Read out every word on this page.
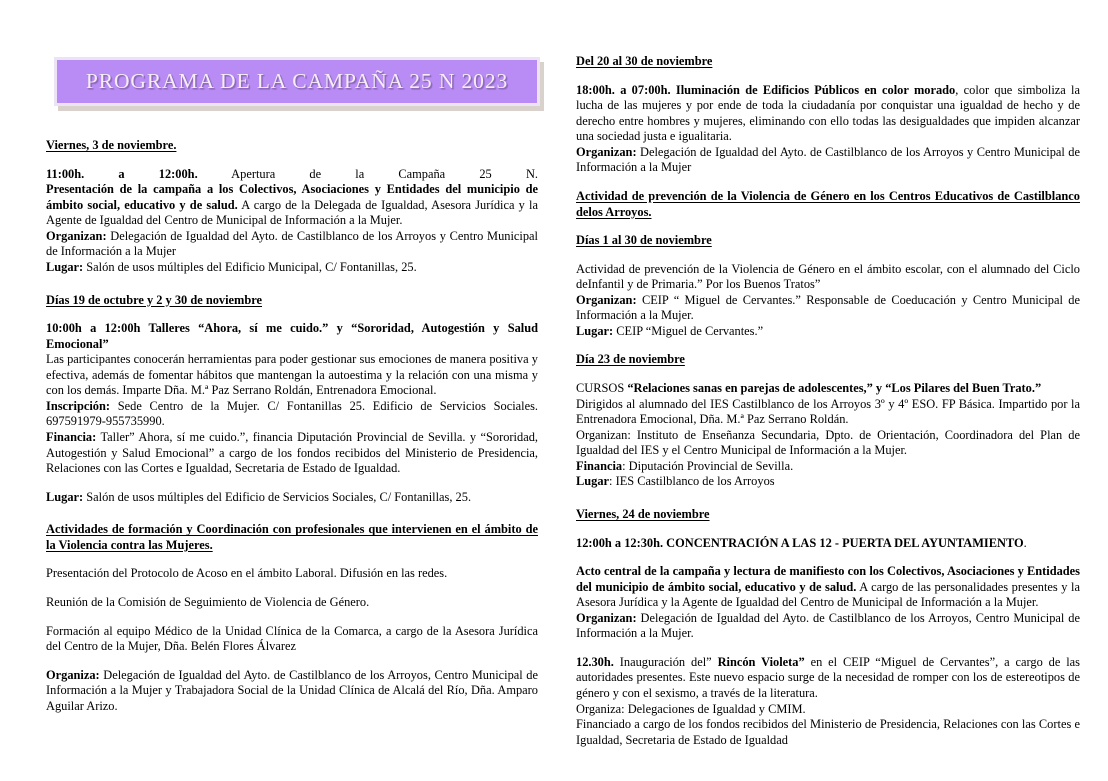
PROGRAMA DE LA CAMPAÑA 25 N 2023

Viernes, 3 de noviembre.

11:00h. a 12:00h. Apertura de la Campaña 25 N.

Presentación de la campaña a los Colectivos, Asociaciones y Entidades del municipio de ámbito social, educativo y de salud. A cargo de la Delegada de Igualdad, Asesora Jurídica y la Agente de Igualdad del Centro de Municipal de Información a la Mujer.

Organizan: Delegación de Igualdad del Ayto. de Castilblanco de los Arroyos y Centro Municipal de Información a la Mujer

Lugar: Salón de usos múltiples del Edificio Municipal, C/ Fontanillas, 25.

Días 19 de octubre y 2 y 30 de noviembre

10:00h a 12:00h Talleres “Ahora, sí me cuido.” y “Sororidad, Autogestión y Salud Emocional”

Las participantes conocerán herramientas para poder gestionar sus emociones de manera positiva y efectiva, además de fomentar hábitos que mantengan la autoestima y la relación con una misma y con los demás. Imparte Dña. M.ª Paz Serrano Roldán, Entrenadora Emocional.

Inscripción: Sede Centro de la Mujer. C/ Fontanillas 25. Edificio de Servicios Sociales. 697591979-955735990.

Financia: Taller” Ahora, sí me cuido.”, financia Diputación Provincial de Sevilla. y “Sororidad, Autogestión y Salud Emocional” a cargo de los fondos recibidos del Ministerio de Presidencia, Relaciones con las Cortes e Igualdad, Secretaria de Estado de Igualdad.

Lugar: Salón de usos múltiples del Edificio de Servicios Sociales, C/ Fontanillas, 25.

Actividades de formación y Coordinación con profesionales que intervienen en el ámbito de la Violencia contra las Mujeres.

Presentación del Protocolo de Acoso en el ámbito Laboral. Difusión en las redes.

Reunión de la Comisión de Seguimiento de Violencia de Género.

Formación al equipo Médico de la Unidad Clínica de la Comarca, a cargo de la Asesora Jurídica del Centro de la Mujer, Dña. Belén Flores Álvarez

Organiza: Delegación de Igualdad del Ayto. de Castilblanco de los Arroyos, Centro Municipal de Información a la Mujer y Trabajadora Social de la Unidad Clínica de Alcalá del Río, Dña. Amparo Aguilar Arizo.

Del 20 al 30 de noviembre

18:00h. a 07:00h. Iluminación de Edificios Públicos en color morado, color que simboliza la lucha de las mujeres y por ende de toda la ciudadanía por conquistar una igualdad de hecho y de derecho entre hombres y mujeres, eliminando con ello todas las desigualdades que impiden alcanzar una sociedad justa e igualitaria.

Organizan: Delegación de Igualdad del Ayto. de Castilblanco de los Arroyos y Centro Municipal de Información a la Mujer

Actividad de prevención de la Violencia de Género en los Centros Educativos de Castilblanco delos Arroyos.

Días 1 al 30 de noviembre

Actividad de prevención de la Violencia de Género en el ámbito escolar, con el alumnado del Ciclo deInfantil y de Primaria.” Por los Buenos Tratos”

Organizan: CEIP “ Miguel de Cervantes.” Responsable de Coeducación y Centro Municipal de Información a la Mujer.

Lugar: CEIP “Miguel de Cervantes.”

Día 23 de noviembre

CURSOS “Relaciones sanas en parejas de adolescentes,” y “Los Pilares del Buen Trato.”

Dirigidos al alumnado del IES Castilblanco de los Arroyos 3º y 4º ESO. FP Básica. Impartido por la Entrenadora Emocional, Dña. M.ª Paz Serrano Roldán.

Organizan: Instituto de Enseñanza Secundaria, Dpto. de Orientación, Coordinadora del Plan de Igualdad del IES y el Centro Municipal de Información a la Mujer.

Financia: Diputación Provincial de Sevilla.

Lugar: IES Castilblanco de los Arroyos

Viernes, 24 de noviembre

12:00h a 12:30h. CONCENTRACIÓN A LAS 12 - PUERTA DEL AYUNTAMIENTO.

Acto central de la campaña y lectura de manifiesto con los Colectivos, Asociaciones y Entidades del municipio de ámbito social, educativo y de salud. A cargo de las personalidades presentes y la Asesora Jurídica y la Agente de Igualdad del Centro de Municipal de Información a la Mujer.

Organizan: Delegación de Igualdad del Ayto. de Castilblanco de los Arroyos, Centro Municipal de Información a la Mujer.

12.30h. Inauguración del” Rincón Violeta” en el CEIP “Miguel de Cervantes”, a cargo de las autoridades presentes. Este nuevo espacio surge de la necesidad de romper con los de estereotipos de género y con el sexismo, a través de la literatura.

Organiza: Delegaciones de Igualdad y CMIM.

Financiado a cargo de los fondos recibidos del Ministerio de Presidencia, Relaciones con las Cortes e Igualdad, Secretaria de Estado de Igualdad
